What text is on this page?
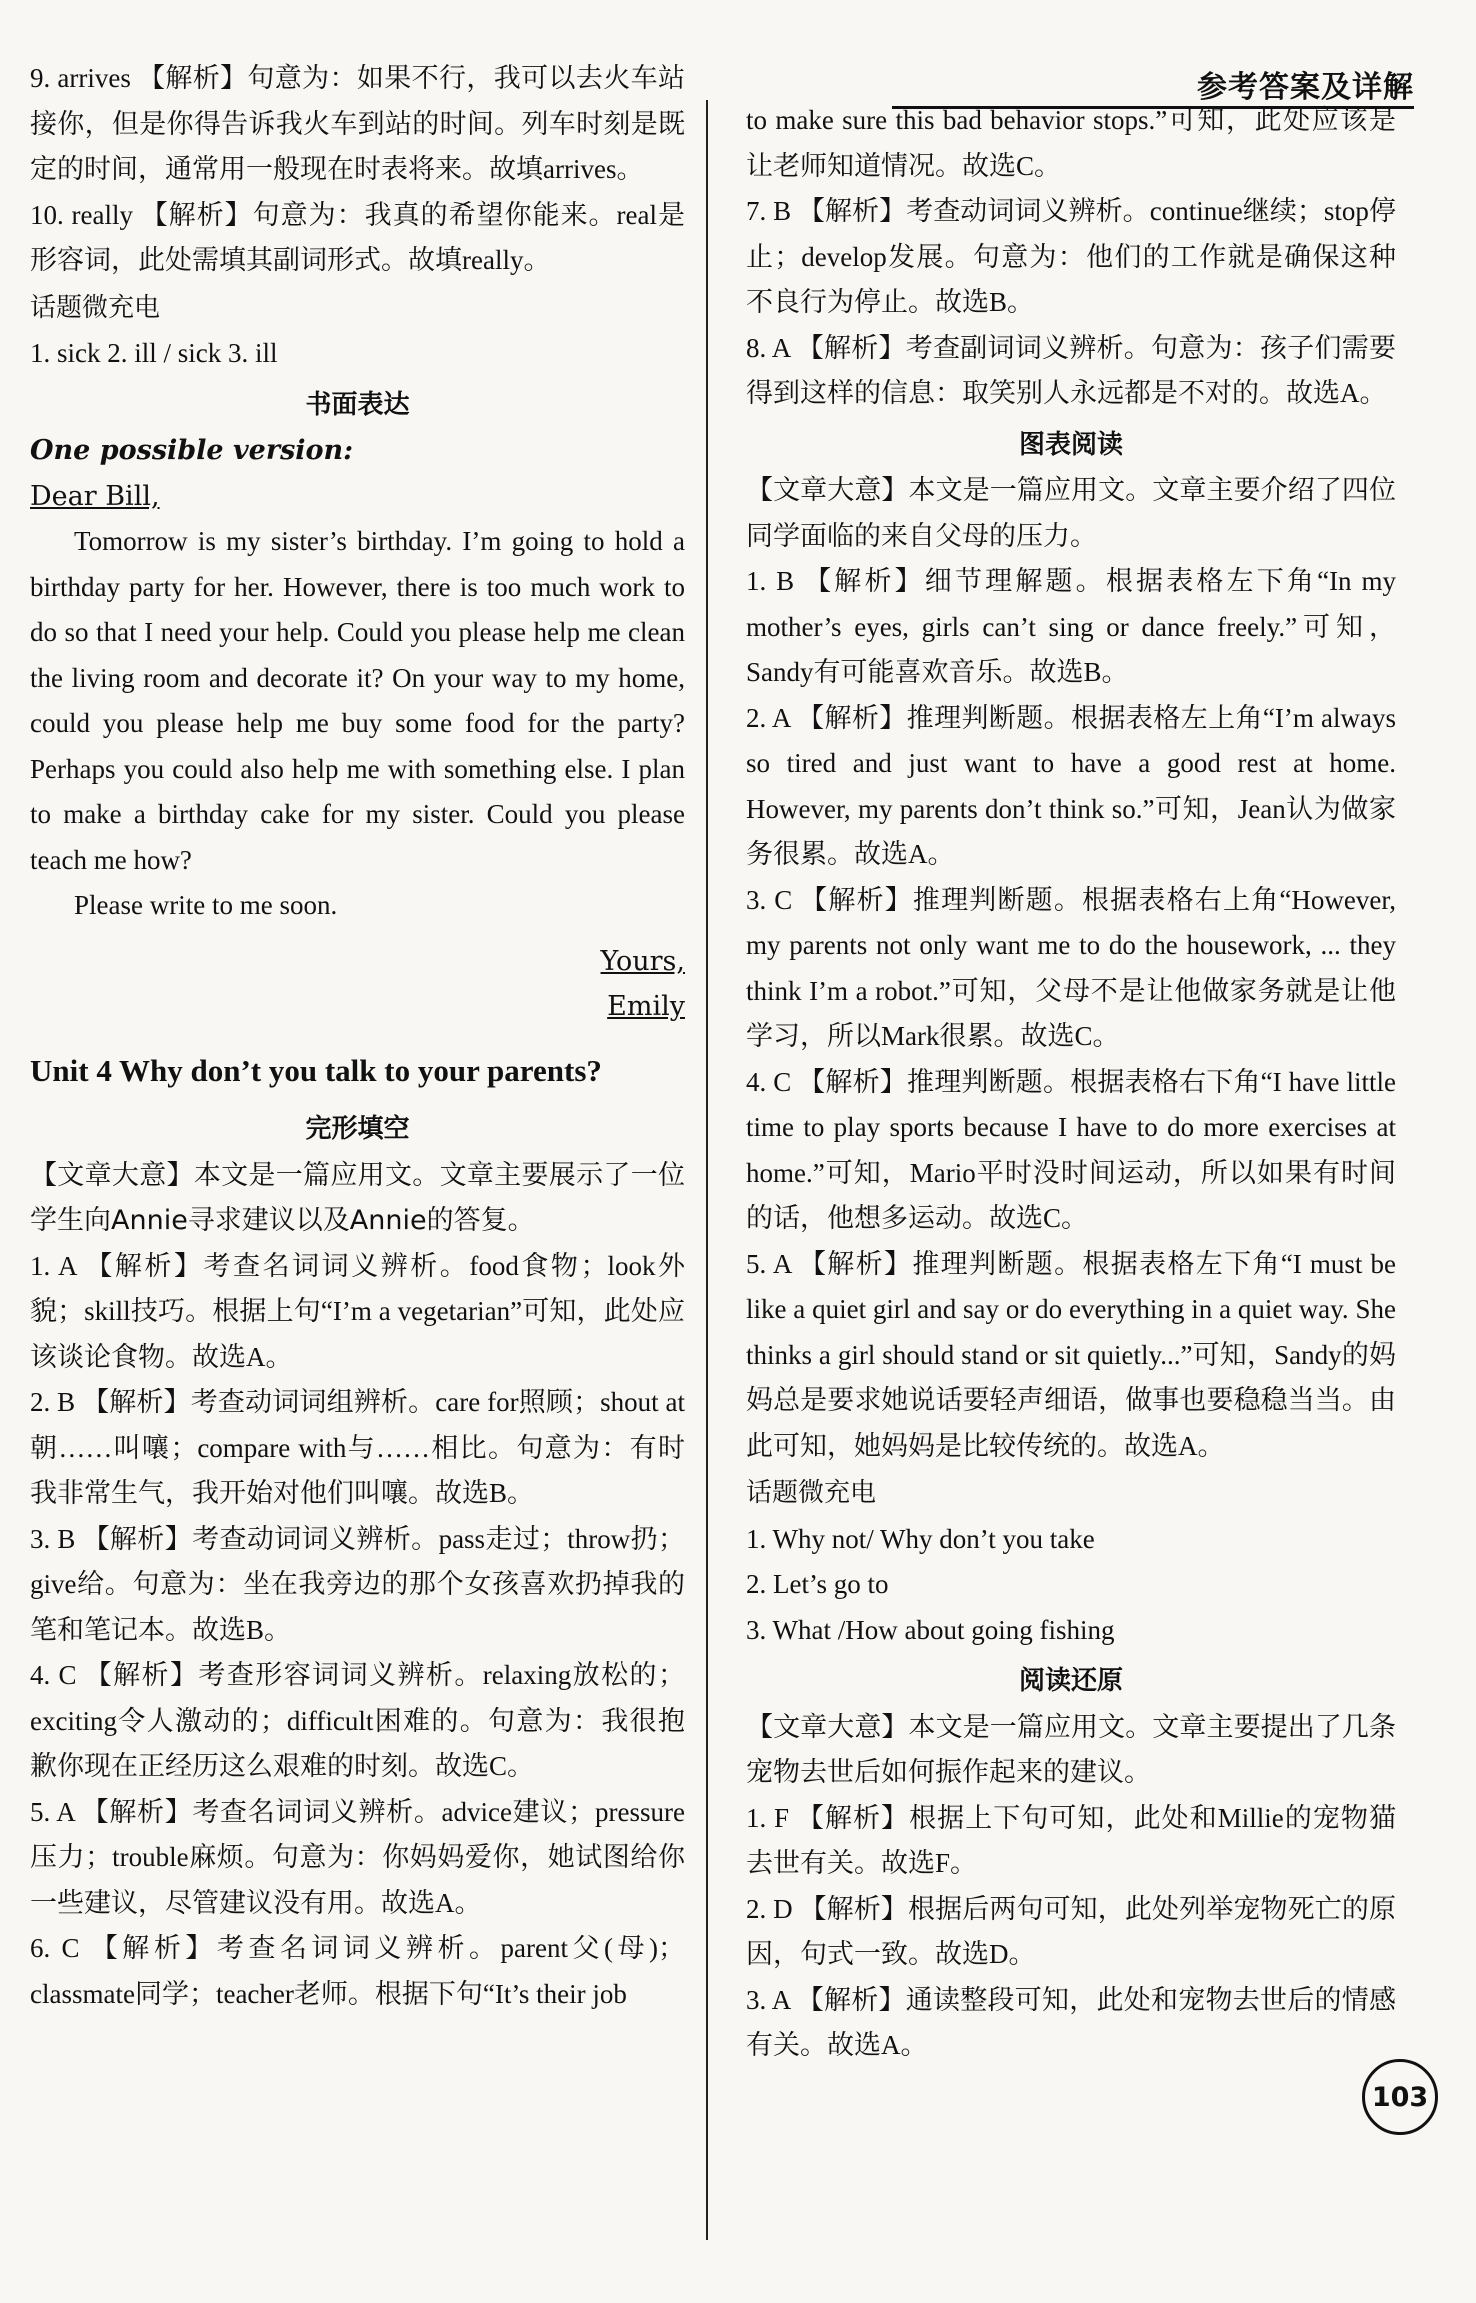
参考答案及详解

9. arrives 【解析】句意为：如果不行，我可以去火车站接你，但是你得告诉我火车到站的时间。列车时刻是既定的时间，通常用一般现在时表将来。故填arrives。

10. really 【解析】句意为：我真的希望你能来。real是形容词，此处需填其副词形式。故填really。

话题微充电

1. sick 2. ill / sick 3. ill

书面表达

One possible version:

Dear Bill,

Tomorrow is my sister’s birthday. I’m going to hold a birthday party for her. However, there is too much work to do so that I need your help. Could you please help me clean the living room and decorate it? On your way to my home, could you please help me buy some food for the party? Perhaps you could also help me with something else. I plan to make a birthday cake for my sister. Could you please teach me how?

Please write to me soon.

Yours,

Emily

Unit 4 Why don’t you talk to your parents?

完形填空

【文章大意】本文是一篇应用文。文章主要展示了一位学生向Annie寻求建议以及Annie的答复。

1. A 【解析】考查名词词义辨析。food食物；look外貌；skill技巧。根据上句“I’m a vegetarian”可知，此处应该谈论食物。故选A。

2. B 【解析】考查动词词组辨析。care for照顾；shout at朝……叫嚷；compare with与……相比。句意为：有时我非常生气，我开始对他们叫嚷。故选B。

3. B 【解析】考查动词词义辨析。pass走过；throw扔；give给。句意为：坐在我旁边的那个女孩喜欢扔掉我的笔和笔记本。故选B。

4. C 【解析】考查形容词词义辨析。relaxing放松的；exciting令人激动的；difficult困难的。句意为：我很抱歉你现在正经历这么艰难的时刻。故选C。

5. A 【解析】考查名词词义辨析。advice建议；pressure压力；trouble麻烦。句意为：你妈妈爱你，她试图给你一些建议，尽管建议没有用。故选A。

6. C 【解析】考查名词词义辨析。parent父(母)；classmate同学；teacher老师。根据下句“It’s their job

to make sure this bad behavior stops.”可知，此处应该是让老师知道情况。故选C。

7. B 【解析】考查动词词义辨析。continue继续；stop停止；develop发展。句意为：他们的工作就是确保这种不良行为停止。故选B。

8. A 【解析】考查副词词义辨析。句意为：孩子们需要得到这样的信息：取笑别人永远都是不对的。故选A。

图表阅读

【文章大意】本文是一篇应用文。文章主要介绍了四位同学面临的来自父母的压力。

1. B 【解析】细节理解题。根据表格左下角“In my mother’s eyes, girls can’t sing or dance freely.”可知，Sandy有可能喜欢音乐。故选B。

2. A 【解析】推理判断题。根据表格左上角“I’m always so tired and just want to have a good rest at home. However, my parents don’t think so.”可知，Jean认为做家务很累。故选A。

3. C 【解析】推理判断题。根据表格右上角“However, my parents not only want me to do the housework, ... they think I’m a robot.”可知，父母不是让他做家务就是让他学习，所以Mark很累。故选C。

4. C 【解析】推理判断题。根据表格右下角“I have little time to play sports because I have to do more exercises at home.”可知，Mario平时没时间运动，所以如果有时间的话，他想多运动。故选C。

5. A 【解析】推理判断题。根据表格左下角“I must be like a quiet girl and say or do everything in a quiet way. She thinks a girl should stand or sit quietly...”可知，Sandy的妈妈总是要求她说话要轻声细语，做事也要稳稳当当。由此可知，她妈妈是比较传统的。故选A。

话题微充电

1. Why not/ Why don’t you take

2. Let’s go to

3. What /How about going fishing

阅读还原

【文章大意】本文是一篇应用文。文章主要提出了几条宠物去世后如何振作起来的建议。

1. F 【解析】根据上下句可知，此处和Millie的宠物猫去世有关。故选F。

2. D 【解析】根据后两句可知，此处列举宠物死亡的原因，句式一致。故选D。

3. A 【解析】通读整段可知，此处和宠物去世后的情感有关。故选A。

103
